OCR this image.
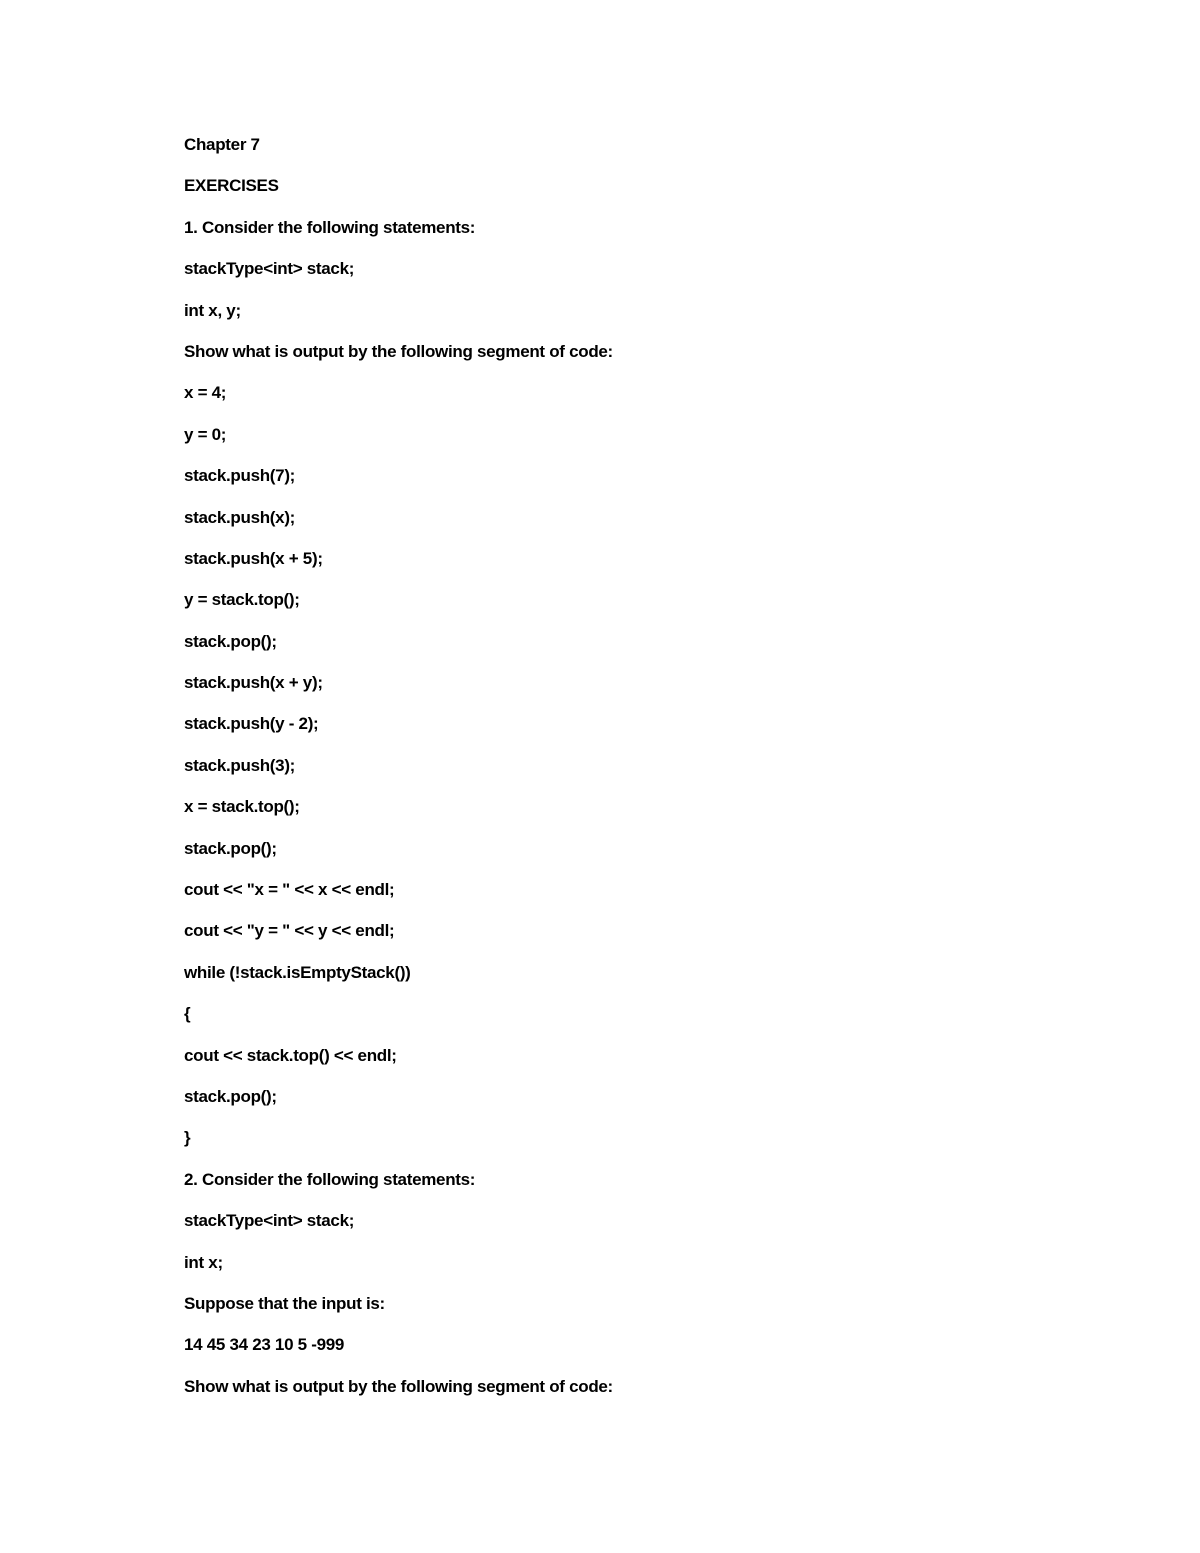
Chapter 7
EXERCISES
1. Consider the following statements:
stackType<int> stack;
int x, y;
Show what is output by the following segment of code:
x = 4;
y = 0;
stack.push(7);
stack.push(x);
stack.push(x + 5);
y = stack.top();
stack.pop();
stack.push(x + y);
stack.push(y - 2);
stack.push(3);
x = stack.top();
stack.pop();
cout << "x = " << x << endl;
cout << "y = " << y << endl;
while (!stack.isEmptyStack())
{
cout << stack.top() << endl;
stack.pop();
}
2. Consider the following statements:
stackType<int> stack;
int x;
Suppose that the input is:
14 45 34 23 10 5 -999
Show what is output by the following segment of code:
